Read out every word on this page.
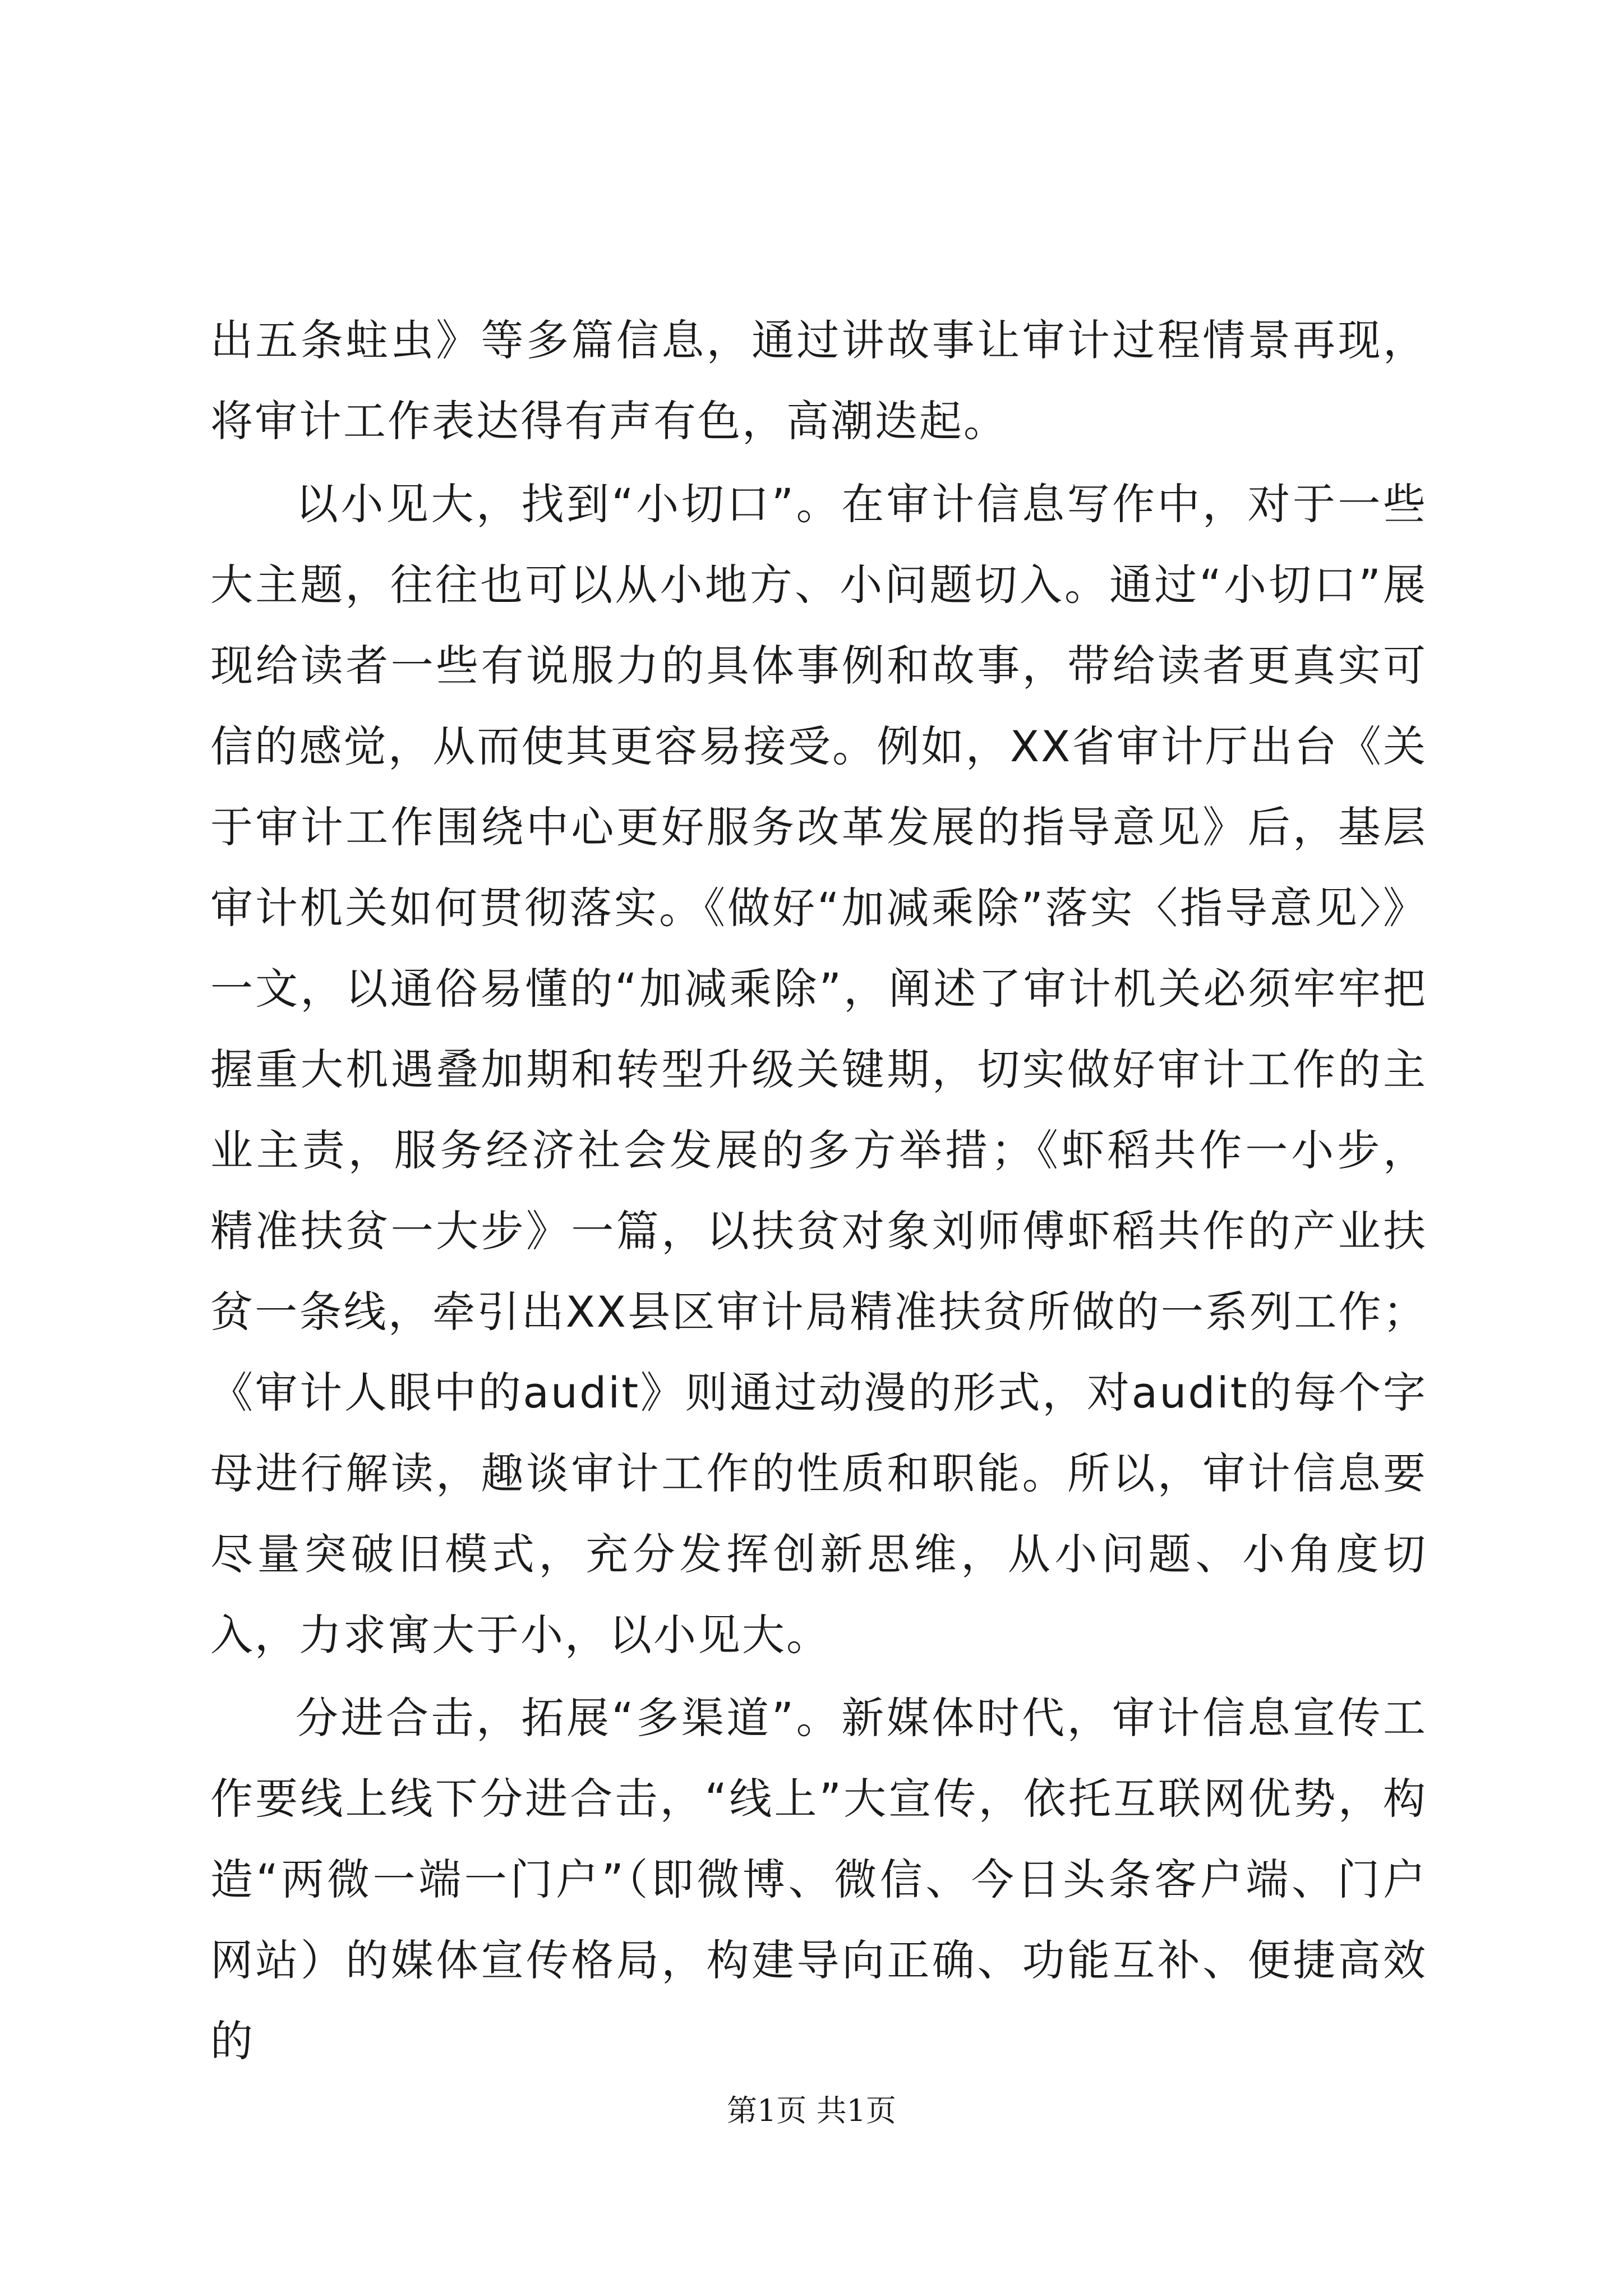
出五条蛀虫》等多篇信息，通过讲故事让审计过程情景再现，将审计工作表达得有声有色，高潮迭起。

以小见大，找到“小切口”。在审计信息写作中，对于一些大主题，往往也可以从小地方、小问题切入。通过“小切口”展现给读者一些有说服力的具体事例和故事，带给读者更真实可信的感觉，从而使其更容易接受。例如，XX省审计厅出台《关于审计工作围绕中心更好服务改革发展的指导意见》后，基层审计机关如何贯彻落实。《做好“加减乘除”落实〈指导意见〉》一文，以通俗易懂的“加减乘除”，阐述了审计机关必须牢牢把握重大机遇叠加期和转型升级关键期，切实做好审计工作的主业主责，服务经济社会发展的多方举措；《虾稻共作一小步，精准扶贫一大步》一篇，以扶贫对象刘师傅虾稻共作的产业扶贫一条线，牵引出XX县区审计局精准扶贫所做的一系列工作；《审计人眼中的audit》则通过动漫的形式，对audit的每个字母进行解读，趣谈审计工作的性质和职能。所以，审计信息要尽量突破旧模式，充分发挥创新思维，从小问题、小角度切入，力求寓大于小，以小见大。

分进合击，拓展“多渠道”。新媒体时代，审计信息宣传工作要线上线下分进合击，“线上”大宣传，依托互联网优势，构造“两微一端一门户”（即微博、微信、今日头条客户端、门户网站）的媒体宣传格局，构建导向正确、功能互补、便捷高效的

第1页 共1页
